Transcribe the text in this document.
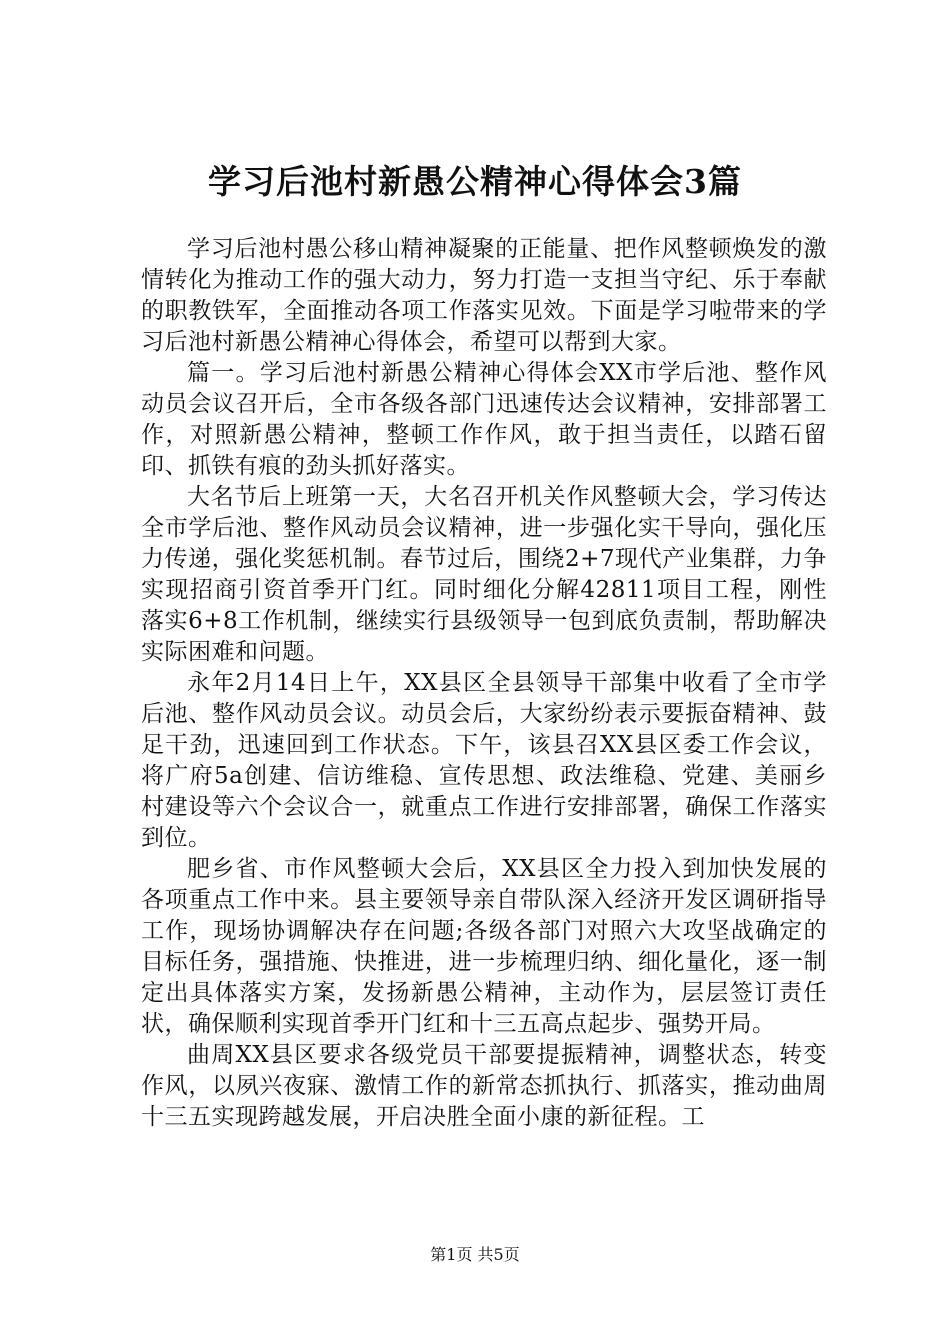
学习后池村新愚公精神心得体会3篇

学习后池村愚公移山精神凝聚的正能量、把作风整顿焕发的激情转化为推动工作的强大动力，努力打造一支担当守纪、乐于奉献的职教铁军，全面推动各项工作落实见效。下面是学习啦带来的学习后池村新愚公精神心得体会，希望可以帮到大家。

篇一。学习后池村新愚公精神心得体会XX市学后池、整作风动员会议召开后，全市各级各部门迅速传达会议精神，安排部署工作，对照新愚公精神，整顿工作作风，敢于担当责任，以踏石留印、抓铁有痕的劲头抓好落实。

大名节后上班第一天，大名召开机关作风整顿大会，学习传达全市学后池、整作风动员会议精神，进一步强化实干导向，强化压力传递，强化奖惩机制。春节过后，围绕2+7现代产业集群，力争实现招商引资首季开门红。同时细化分解42811项目工程，刚性落实6+8工作机制，继续实行县级领导一包到底负责制，帮助解决实际困难和问题。

永年2月14日上午，XX县区全县领导干部集中收看了全市学后池、整作风动员会议。动员会后，大家纷纷表示要振奋精神、鼓足干劲，迅速回到工作状态。下午，该县召XX县区委工作会议，将广府5a创建、信访维稳、宣传思想、政法维稳、党建、美丽乡村建设等六个会议合一，就重点工作进行安排部署，确保工作落实到位。

肥乡省、市作风整顿大会后，XX县区全力投入到加快发展的各项重点工作中来。县主要领导亲自带队深入经济开发区调研指导工作，现场协调解决存在问题;各级各部门对照六大攻坚战确定的目标任务，强措施、快推进，进一步梳理归纳、细化量化，逐一制定出具体落实方案，发扬新愚公精神，主动作为，层层签订责任状，确保顺利实现首季开门红和十三五高点起步、强势开局。

曲周XX县区要求各级党员干部要提振精神，调整状态，转变作风，以夙兴夜寐、激情工作的新常态抓执行、抓落实，推动曲周十三五实现跨越发展，开启决胜全面小康的新征程。工

第1页 共5页
